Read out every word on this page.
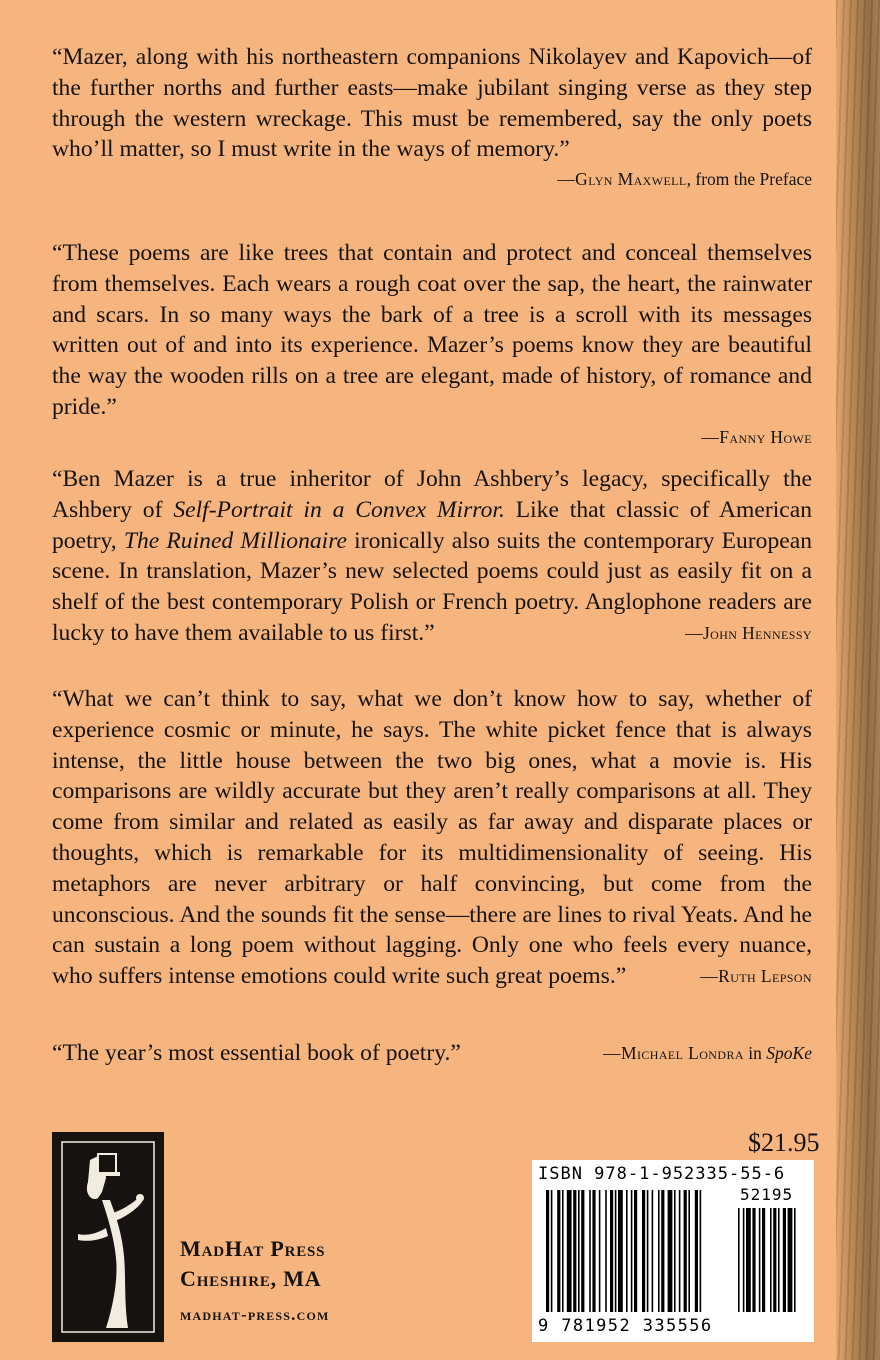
“Mazer, along with his northeastern companions Nikolayev and Kapovich—of the further norths and further easts—make jubilant singing verse as they step through the western wreckage. This must be remembered, say the only poets who’ll matter, so I must write in the ways of memory.”

—Glyn Maxwell, from the Preface

“These poems are like trees that contain and protect and conceal themselves from themselves. Each wears a rough coat over the sap, the heart, the rainwater and scars. In so many ways the bark of a tree is a scroll with its messages written out of and into its experience. Mazer’s poems know they are beautiful the way the wooden rills on a tree are elegant, made of history, of romance and pride.”

—Fanny Howe

“Ben Mazer is a true inheritor of John Ashbery’s legacy, specifically the Ashbery of Self-Portrait in a Convex Mirror. Like that classic of American poetry, The Ruined Millionaire ironically also suits the contemporary European scene. In translation, Mazer’s new selected poems could just as easily fit on a shelf of the best contemporary Polish or French poetry. Anglophone readers are lucky to have them available to us first.”	—John Hennessy

“What we can’t think to say, what we don’t know how to say, whether of experience cosmic or minute, he says. The white picket fence that is always intense, the little house between the two big ones, what a movie is. His comparisons are wildly accurate but they aren’t really comparisons at all. They come from similar and related as easily as far away and disparate places or thoughts, which is remarkable for its multidimensionality of seeing. His metaphors are never arbitrary or half convincing, but come from the unconscious. And the sounds fit the sense—there are lines to rival Yeats. And he can sustain a long poem without lagging. Only one who feels every nuance, who suffers intense emotions could write such great poems.”	—Ruth Lepson
—Michael Londra in SpoKe
“The year’s most essential book of poetry.”
MadHat Press
Cheshire, MA
madhat-press.com
$21.95
ISBN 978-1-952335-55-6
52195
9 781952 335556
